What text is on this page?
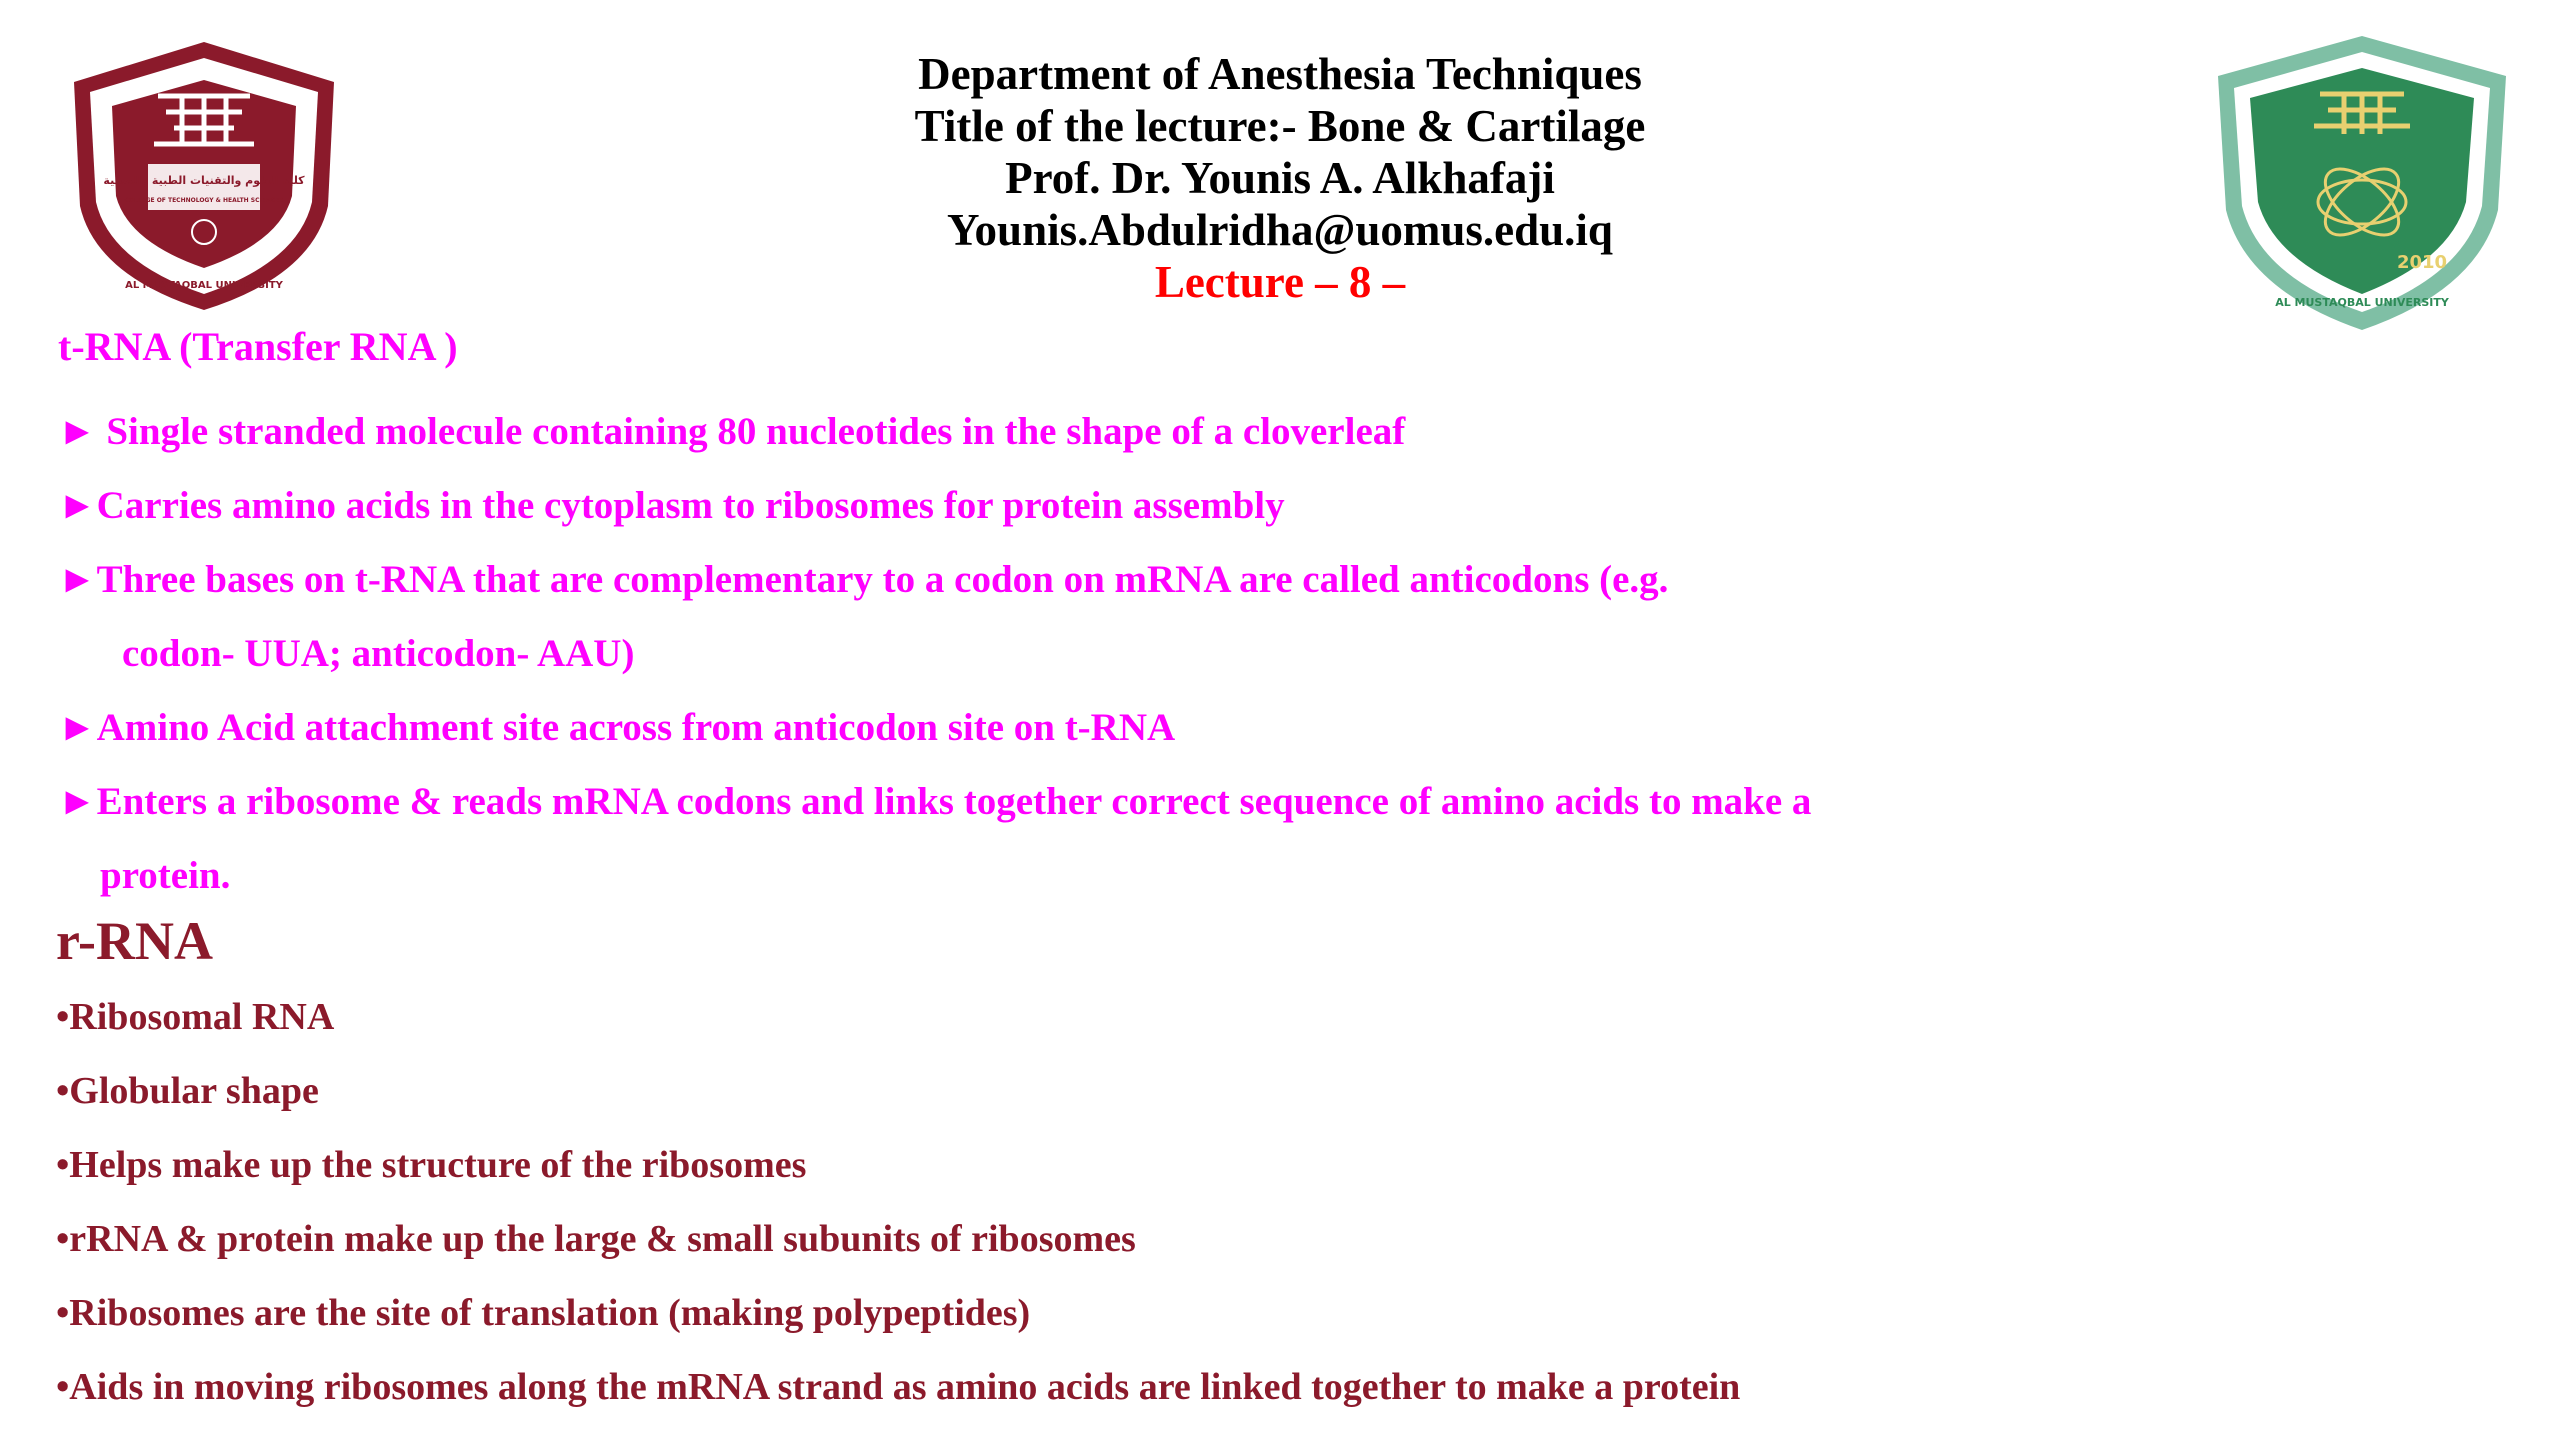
كلية العلوم والتقنيات الطبية والصحية
COLLEGE OF TECHNOLOGY & HEALTH SCIENCES
AL MUSTAQBAL UNIVERSITY
2010
AL MUSTAQBAL UNIVERSITY
Department of Anesthesia Techniques
Title of the lecture:- Bone & Cartilage
Prof. Dr. Younis A. Alkhafaji
Younis.Abdulridha@uomus.edu.iq
Lecture – 8 –
t-RNA (Transfer RNA )
► Single stranded molecule containing 80 nucleotides in the shape of a cloverleaf
►Carries amino acids in the cytoplasm to ribosomes for protein assembly
►Three bases on t-RNA that are complementary to a codon on mRNA are called anticodons (e.g.
codon- UUA; anticodon- AAU)
►Amino Acid attachment site across from anticodon site on t-RNA
►Enters a ribosome & reads mRNA codons and links together correct sequence of amino acids to make a
protein.
r-RNA
•Ribosomal RNA
•Globular shape
•Helps make up the structure of the ribosomes
•rRNA & protein make up the large & small subunits of ribosomes
•Ribosomes are the site of translation (making polypeptides)
•Aids in moving ribosomes along the mRNA strand as amino acids are linked together to make a protein
